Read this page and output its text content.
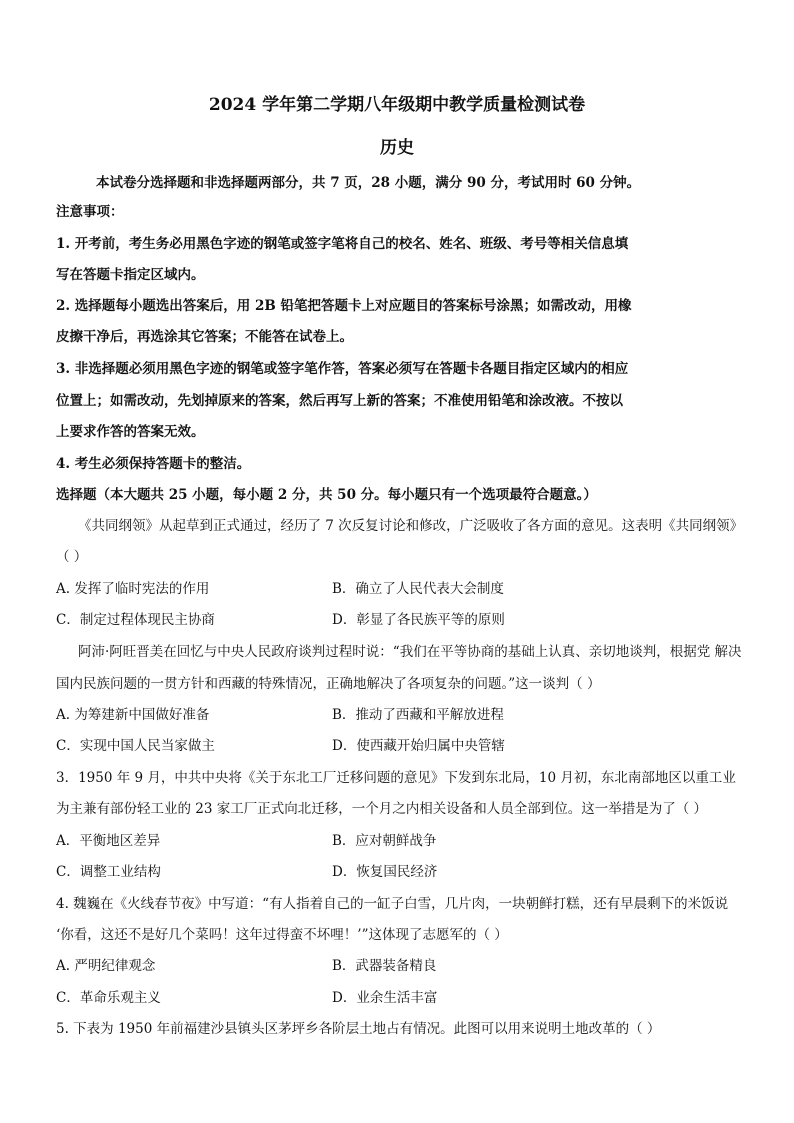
2024 学年第二学期八年级期中教学质量检测试卷
历史
本试卷分选择题和非选择题两部分，共 7 页，28 小题，满分 90 分，考试用时 60 分钟。
注意事项：
1. 开考前，考生务必用黑色字迹的钢笔或签字笔将自己的校名、姓名、班级、考号等相关信息填
写在答题卡指定区域内。
2. 选择题每小题选出答案后，用 2B 铅笔把答题卡上对应题目的答案标号涂黑；如需改动，用橡
皮擦干净后，再选涂其它答案；不能答在试卷上。
3. 非选择题必须用黑色字迹的钢笔或签字笔作答，答案必须写在答题卡各题目指定区域内的相应
位置上；如需改动，先划掉原来的答案，然后再写上新的答案；不准使用铅笔和涂改液。不按以
上要求作答的答案无效。
4. 考生必须保持答题卡的整洁。
选择题（本大题共 25 小题，每小题 2 分，共 50 分。每小题只有一个选项最符合题意。）
《共同纲领》从起草到正式通过，经历了 7 次反复讨论和修改，广泛吸收了各方面的意见。这表明《共同纲领》
（ ）
A. 发挥了临时宪法的作用	B．确立了人民代表大会制度
C．制定过程体现民主协商	D．彰显了各民族平等的原则
阿沛·阿旺晋美在回忆与中央人民政府谈判过程时说：“我们在平等协商的基础上认真、亲切地谈判，根据党 解决
国内民族问题的一贯方针和西藏的特殊情况，正确地解决了各项复杂的问题。”这一谈判（ ）
A. 为筹建新中国做好准备	B．推动了西藏和平解放进程
C．实现中国人民当家做主	D．使西藏开始归属中央管辖
3．1950 年 9 月，中共中央将《关于东北工厂迁移问题的意见》下发到东北局，10 月初，东北南部地区以重工业
为主兼有部份轻工业的 23 家工厂正式向北迁移，一个月之内相关设备和人员全部到位。这一举措是为了（ ）
A．平衡地区差异	B．应对朝鲜战争
C．调整工业结构	D．恢复国民经济
4. 魏巍在《火线春节夜》中写道：“有人指着自己的一缸子白雪，几片肉，一块朝鲜打糕，还有早晨剩下的米饭说
‘你看，这还不是好几个菜吗！这年过得蛮不坏哩！’”这体现了志愿军的（ ）
A. 严明纪律观念	B．武器装备精良
C．革命乐观主义	D．业余生活丰富
5. 下表为 1950 年前福建沙县镇头区茅坪乡各阶层土地占有情况。此图可以用来说明土地改革的（ ）
